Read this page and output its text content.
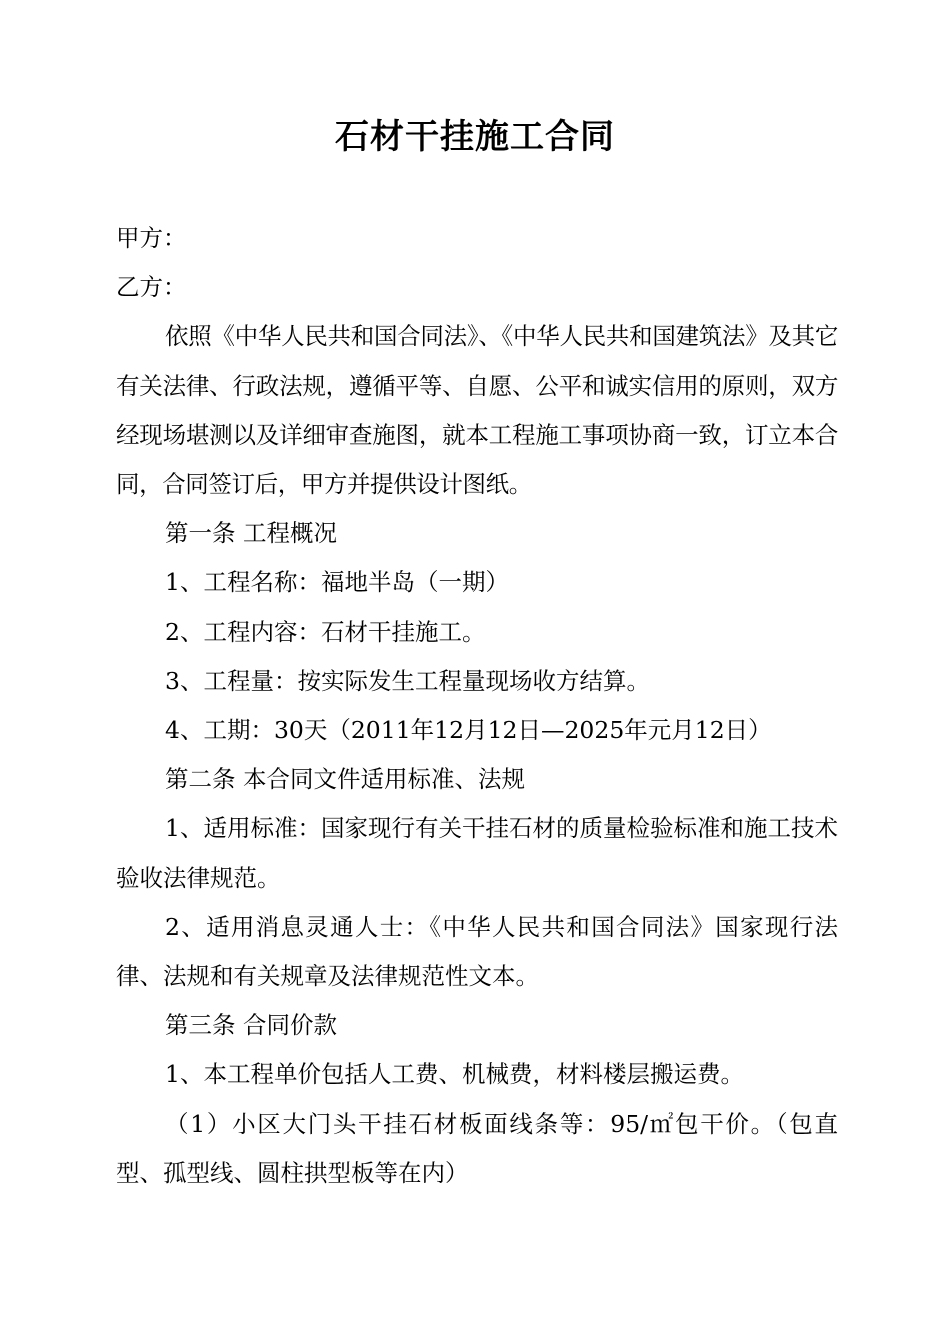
石材干挂施工合同

甲方：

乙方：

依照《中华人民共和国合同法》、《中华人民共和国建筑法》及其它有关法律、行政法规，遵循平等、自愿、公平和诚实信用的原则，双方经现场堪测以及详细审查施图，就本工程施工事项协商一致，订立本合同，合同签订后，甲方并提供设计图纸。

第一条 工程概况

1、工程名称：福地半岛（一期）

2、工程内容：石材干挂施工。

3、工程量：按实际发生工程量现场收方结算。

4、工期：30天（2011年12月12日—2025年元月12日）

第二条 本合同文件适用标准、法规

1、适用标准：国家现行有关干挂石材的质量检验标准和施工技术验收法律规范。

2、适用消息灵通人士：《中华人民共和国合同法》国家现行法律、法规和有关规章及法律规范性文本。

第三条 合同价款

1、本工程单价包括人工费、机械费，材料楼层搬运费。

（1）小区大门头干挂石材板面线条等：95/㎡包干价。（包直型、孤型线、圆柱拱型板等在内）
